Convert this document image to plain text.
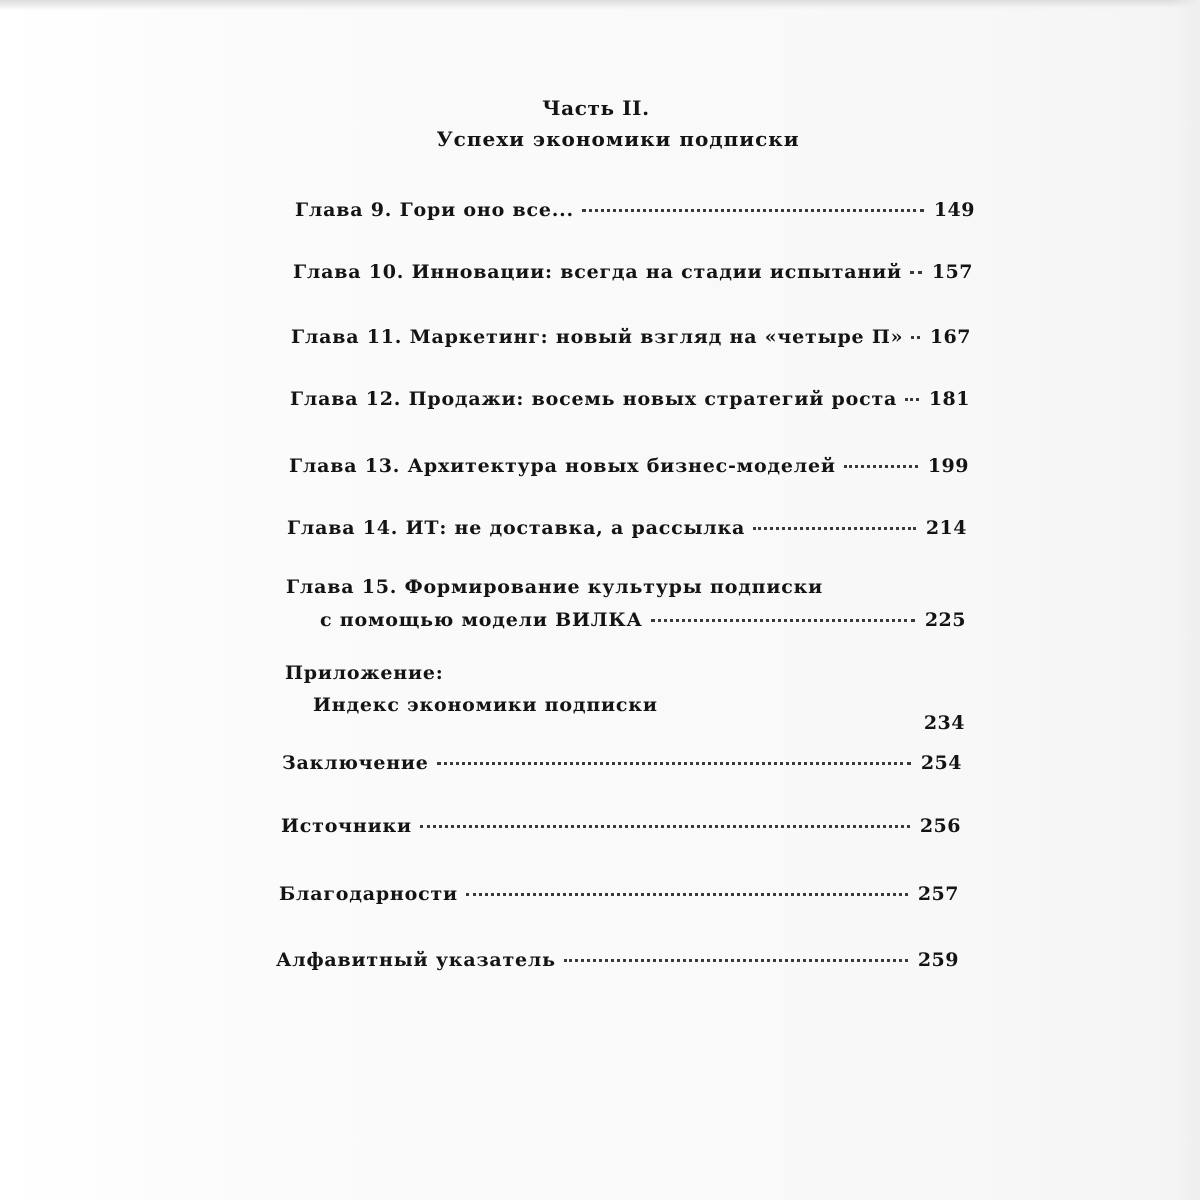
Часть II.
Успехи экономики подписки
Глава 9. Гори оно все...	149
Глава 10. Инновации: всегда на стадии испытаний 157
Глава 11. Маркетинг: новый взгляд на «четыре П» 167
Глава 12. Продажи: восемь новых стратегий роста 181
Глава 13. Архитектура новых бизнес-моделей	199
Глава 14. ИТ: не доставка, а рассылка	214
Глава 15. Формирование культуры подписки
с помощью модели ВИЛКА	225
Приложение:
Индекс экономики подписки
234
Заключение	254
Источники	256
Благодарности	257
Алфавитный указатель	259
